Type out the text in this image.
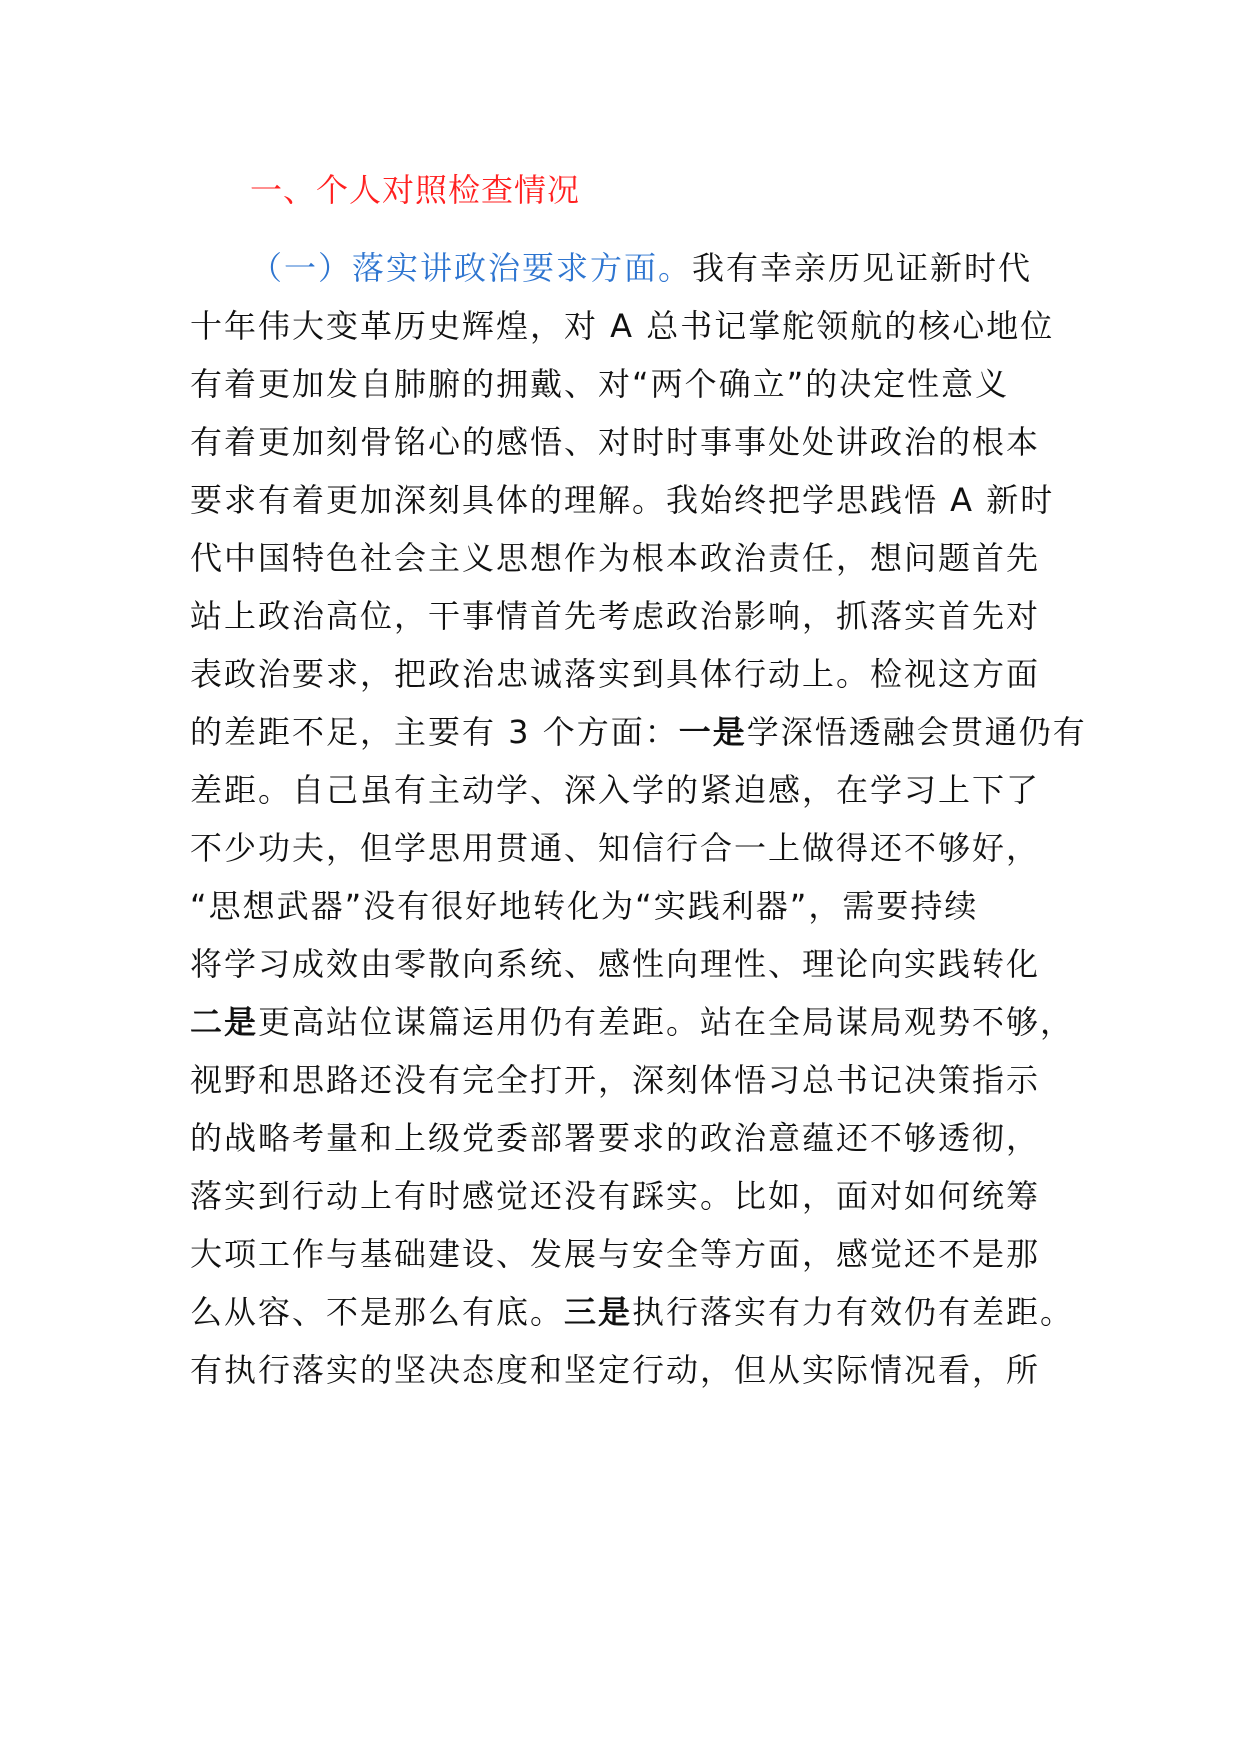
一、个人对照检查情况
（一）落实讲政治要求方面。我有幸亲历见证新时代
十年伟大变革历史辉煌，对 A 总书记掌舵领航的核心地位
有着更加发自肺腑的拥戴、对“两个确立”的决定性意义
有着更加刻骨铭心的感悟、对时时事事处处讲政治的根本
要求有着更加深刻具体的理解。我始终把学思践悟 A 新时
代中国特色社会主义思想作为根本政治责任，想问题首先
站上政治高位，干事情首先考虑政治影响，抓落实首先对
表政治要求，把政治忠诚落实到具体行动上。检视这方面
的差距不足，主要有 3 个方面：一是学深悟透融会贯通仍有
差距。自己虽有主动学、深入学的紧迫感，在学习上下了
不少功夫，但学思用贯通、知信行合一上做得还不够好，
“思想武器”没有很好地转化为“实践利器”，需要持续
将学习成效由零散向系统、感性向理性、理论向实践转化
二是更高站位谋篇运用仍有差距。站在全局谋局观势不够，
视野和思路还没有完全打开，深刻体悟习总书记决策指示
的战略考量和上级党委部署要求的政治意蕴还不够透彻，
落实到行动上有时感觉还没有踩实。比如，面对如何统筹
大项工作与基础建设、发展与安全等方面，感觉还不是那
么从容、不是那么有底。三是执行落实有力有效仍有差距。
有执行落实的坚决态度和坚定行动，但从实际情况看，所
